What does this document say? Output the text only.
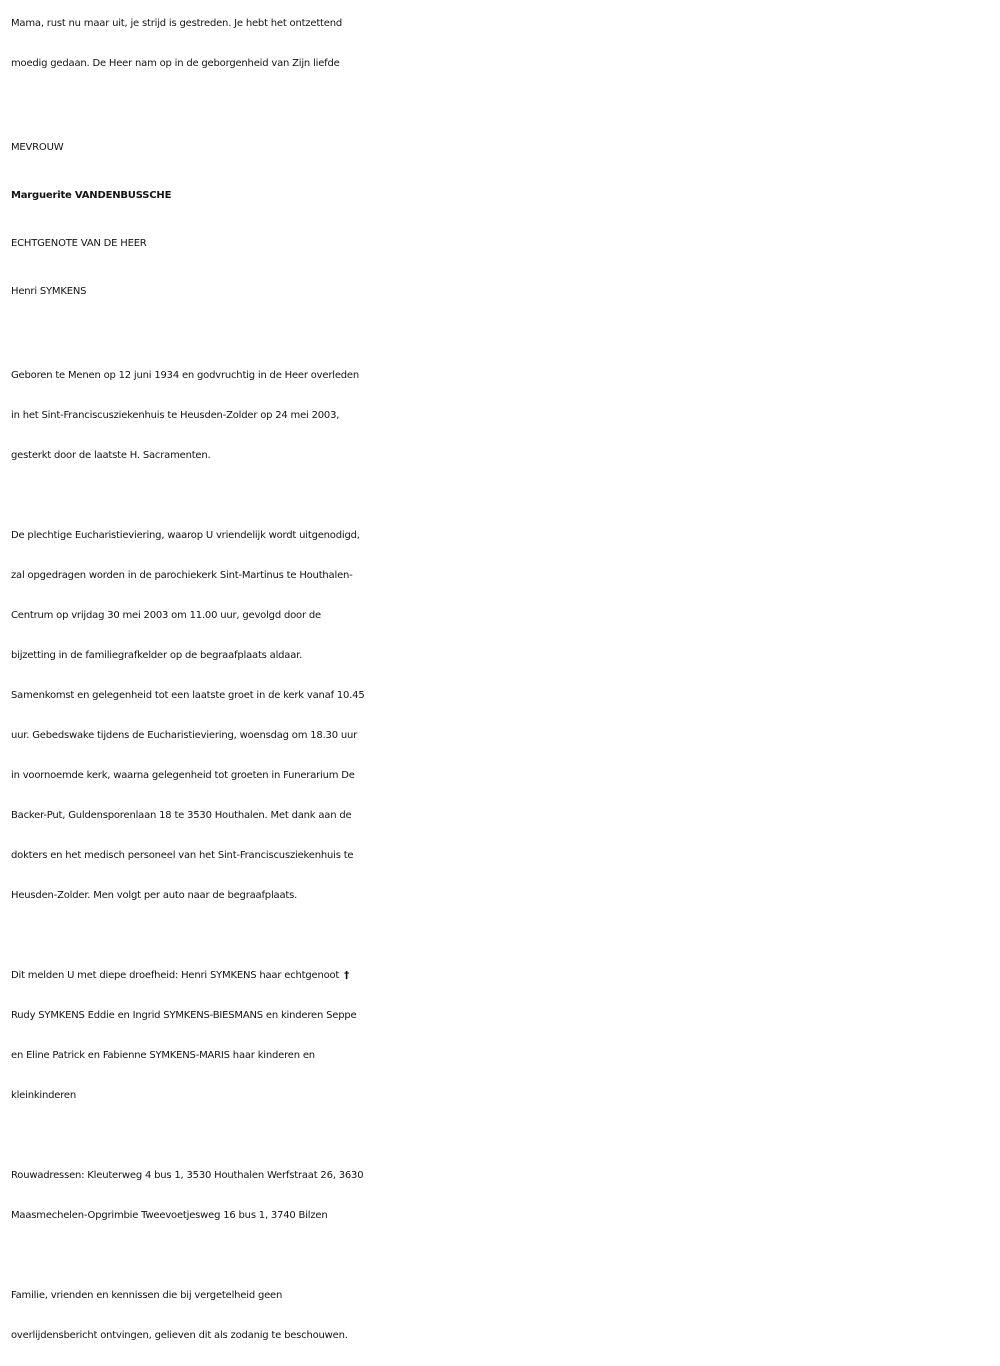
Mama, rust nu maar uit, je strijd is gestreden. Je hebt het ontzettend
moedig gedaan. De Heer nam op in de geborgenheid van Zijn liefde
MEVROUW
Marguerite VANDENBUSSCHE
ECHTGENOTE VAN DE HEER
Henri SYMKENS
Geboren te Menen op 12 juni 1934 en godvruchtig in de Heer overleden
in het Sint-Franciscusziekenhuis te Heusden-Zolder op 24 mei 2003,
gesterkt door de laatste H. Sacramenten.
De plechtige Eucharistieviering, waarop U vriendelijk wordt uitgenodigd,
zal opgedragen worden in de parochiekerk Sint-Martinus te Houthalen-
Centrum op vrijdag 30 mei 2003 om 11.00 uur, gevolgd door de
bijzetting in de familiegrafkelder op de begraafplaats aldaar.
Samenkomst en gelegenheid tot een laatste groet in de kerk vanaf 10.45
uur. Gebedswake tijdens de Eucharistieviering, woensdag om 18.30 uur
in voornoemde kerk, waarna gelegenheid tot groeten in Funerarium De
Backer-Put, Guldensporenlaan 18 te 3530 Houthalen. Met dank aan de
dokters en het medisch personeel van het Sint-Franciscusziekenhuis te
Heusden-Zolder. Men volgt per auto naar de begraafplaats.
Dit melden U met diepe droefheid: Henri SYMKENS haar echtgenoot †
Rudy SYMKENS Eddie en Ingrid SYMKENS-BIESMANS en kinderen Seppe
en Eline Patrick en Fabienne SYMKENS-MARIS haar kinderen en
kleinkinderen
Rouwadressen: Kleuterweg 4 bus 1, 3530 Houthalen Werfstraat 26, 3630
Maasmechelen-Opgrimbie Tweevoetjesweg 16 bus 1, 3740 Bilzen
Familie, vrienden en kennissen die bij vergetelheid geen
overlijdensbericht ontvingen, gelieven dit als zodanig te beschouwen.
